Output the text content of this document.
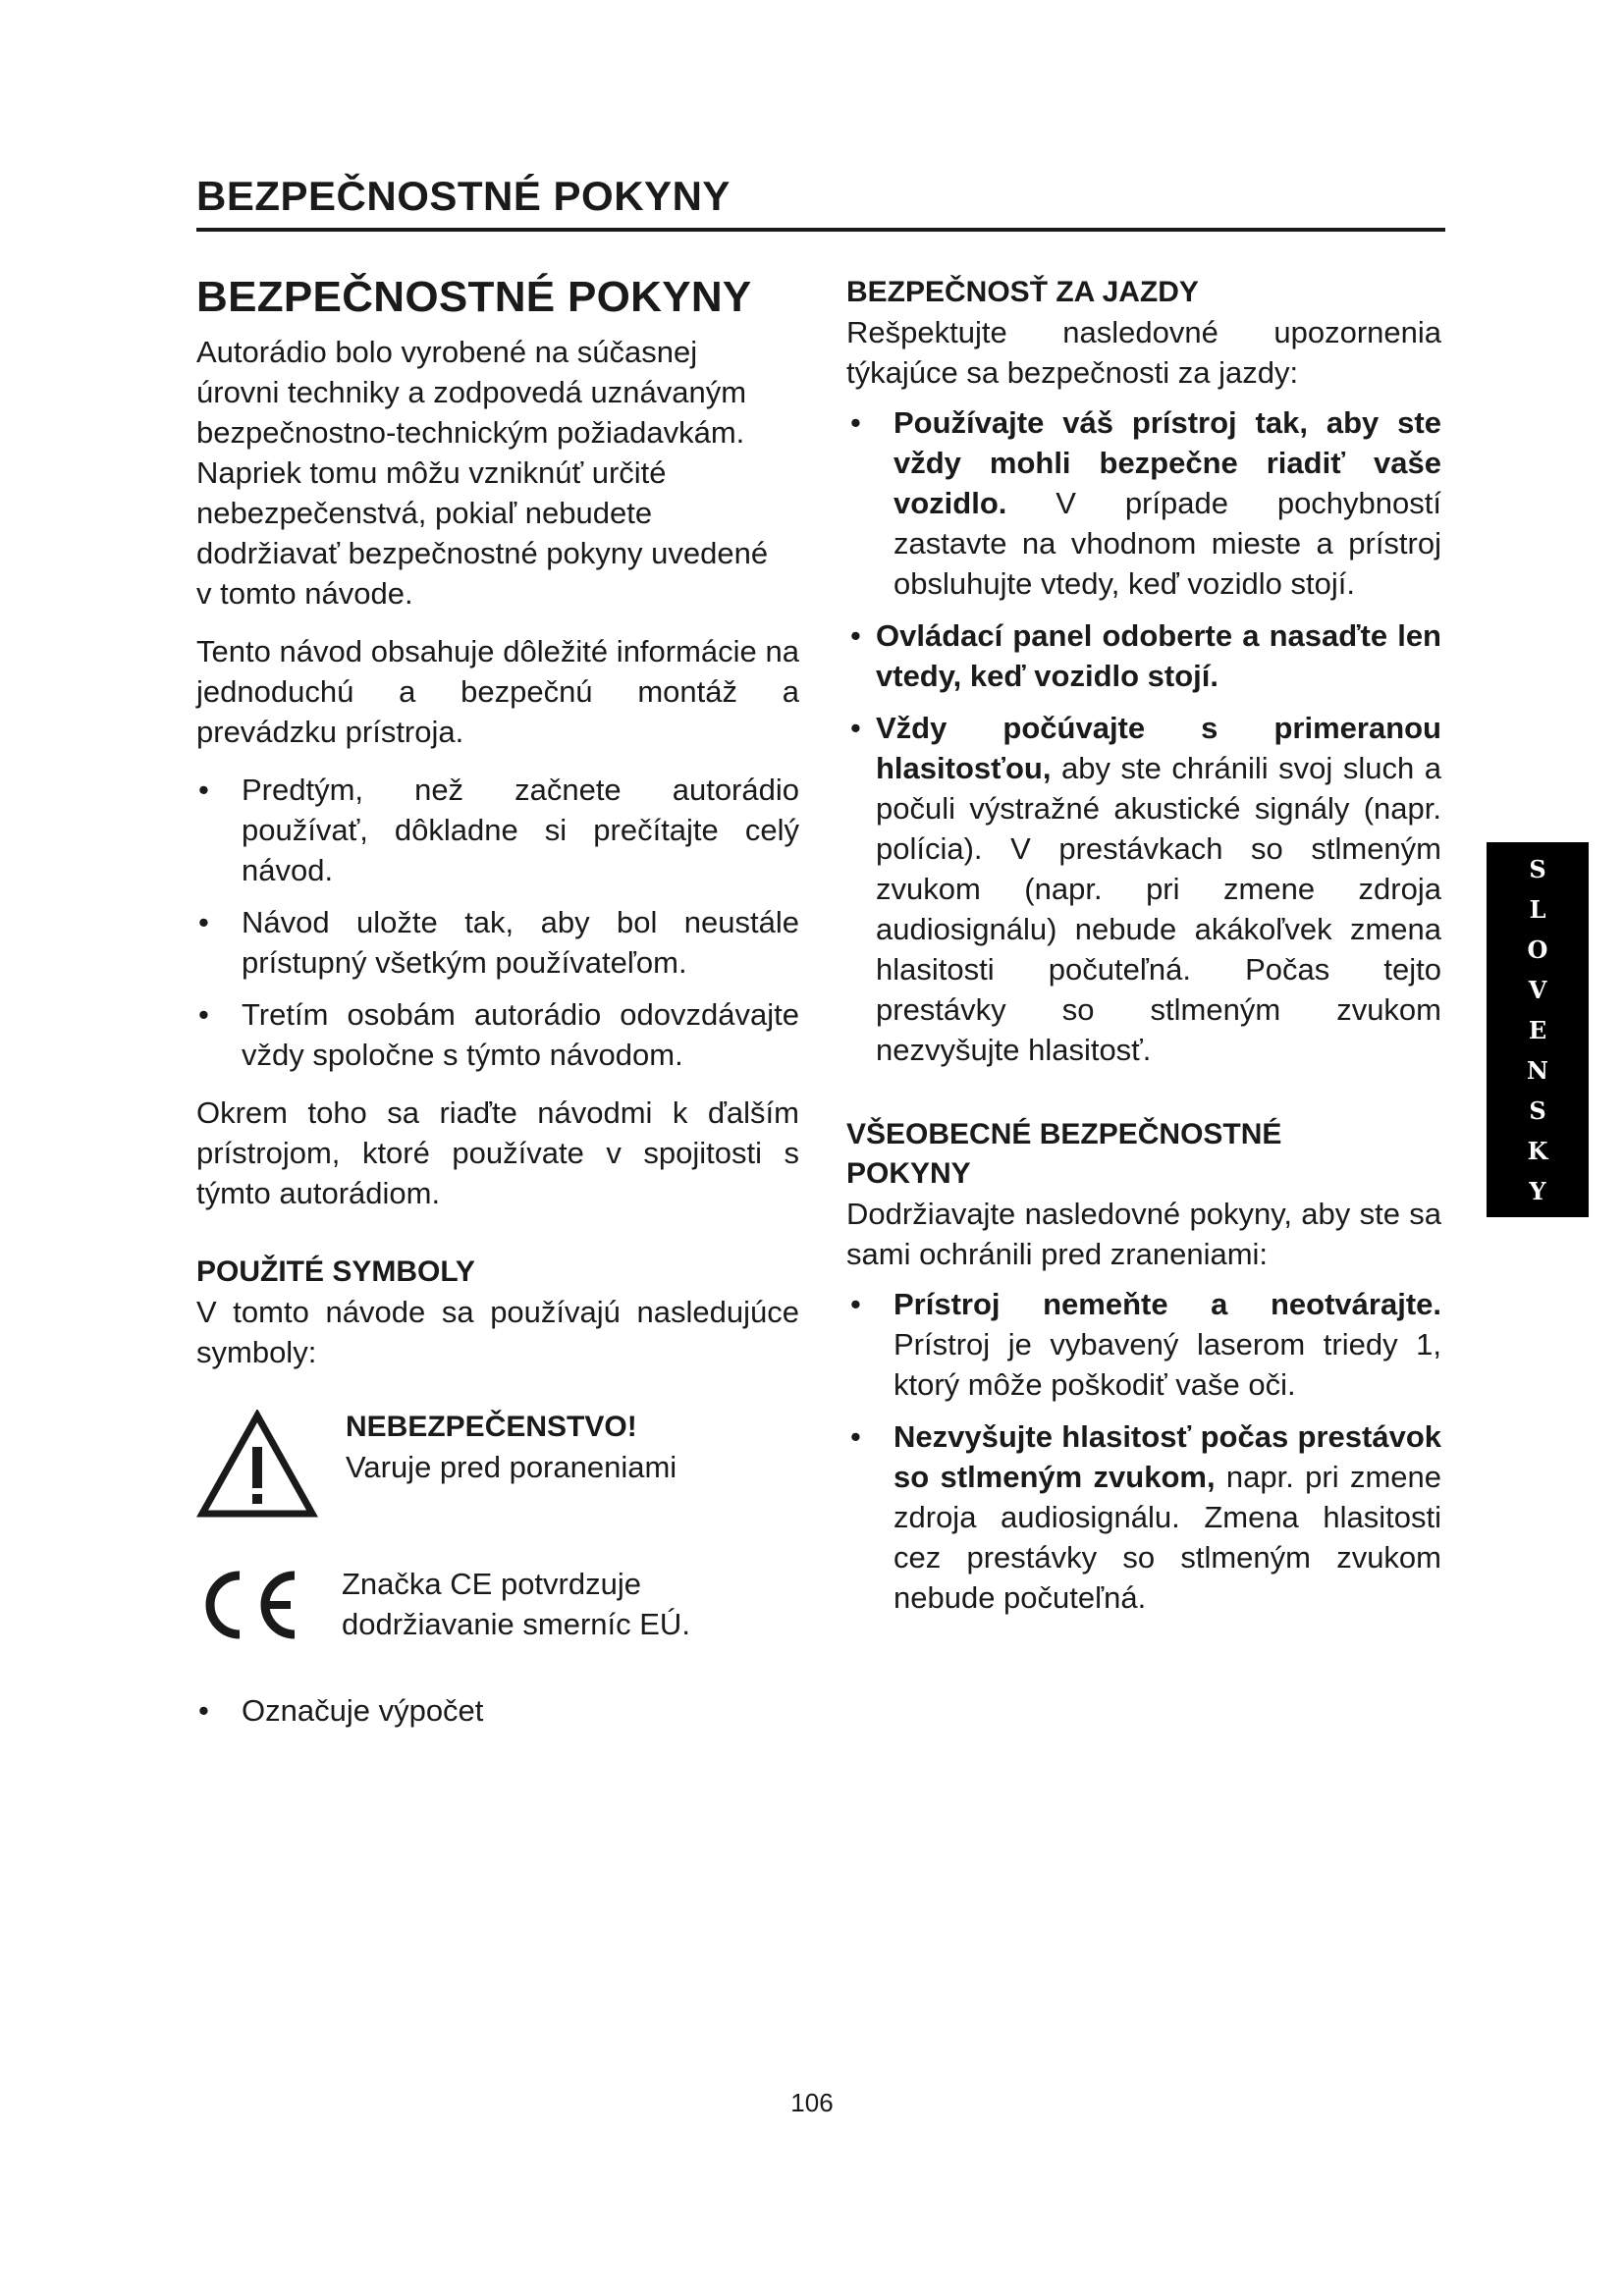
BEZPEČNOSTNÉ POKYNY
BEZPEČNOSTNÉ POKYNY

Autorádio bolo vyrobené na súčasnej
úrovni techniky a zodpovedá uznávaným
bezpečnostno-technickým požiadavkám.
Napriek tomu môžu vzniknúť určité
nebezpečenstvá, pokiaľ nebudete
dodržiavať bezpečnostné pokyny uvedené
v tomto návode.

Tento návod obsahuje dôležité informácie na jednoduchú a bezpečnú montáž a prevádzku prístroja.

• Predtým, než začnete autorádio používať, dôkladne si prečítajte celý návod.
• Návod uložte tak, aby bol neustále prístupný všetkým používateľom.
• Tretím osobám autorádio odovzdávajte vždy spoločne s týmto návodom.

Okrem toho sa riaďte návodmi k ďalším prístrojom, ktoré používate v spojitosti s týmto autorádiom.

POUŽITÉ SYMBOLY

V tomto návode sa používajú nasledujúce symboly:

NEBEZPEČENSTVO!

Varuje pred poraneniami

CE

Značka CE potvrdzuje
dodržiavanie smerníc EÚ.

• Označuje výpočet
BEZPEČNOSŤ ZA JAZDY

Rešpektujte nasledovné upozornenia týkajúce sa bezpečnosti za jazdy:

• Používajte váš prístroj tak, aby ste vždy mohli bezpečne riadiť vaše vozidlo. V prípade pochybností zastavte na vhodnom mieste a prístroj obsluhujte vtedy, keď vozidlo stojí.
• Ovládací panel odoberte a nasaďte len vtedy, keď vozidlo stojí.
• Vždy počúvajte s primeranou hlasitosťou, aby ste chránili svoj sluch a počuli výstražné akustické signály (napr. polícia). V prestávkach so stlmeným zvukom (napr. pri zmene zdroja audiosignálu) nebude akákoľvek zmena hlasitosti počuteľná. Počas tejto prestávky so stlmeným zvukom nezvyšujte hlasitosť.
VŠEOBECNÉ BEZPEČNOSTNÉ
POKYNY

Dodržiavajte nasledovné pokyny, aby ste sa sami ochránili pred zraneniami:

• Prístroj nemeňte a neotvárajte. Prístroj je vybavený laserom triedy 1, ktorý môže poškodiť vaše oči.
• Nezvyšujte hlasitosť počas prestávok so stlmeným zvukom, napr. pri zmene zdroja audiosignálu. Zmena hlasitosti cez prestávky so stlmeným zvukom nebude počuteľná.
S
L
O
V
E
N
S
K
Y
106
